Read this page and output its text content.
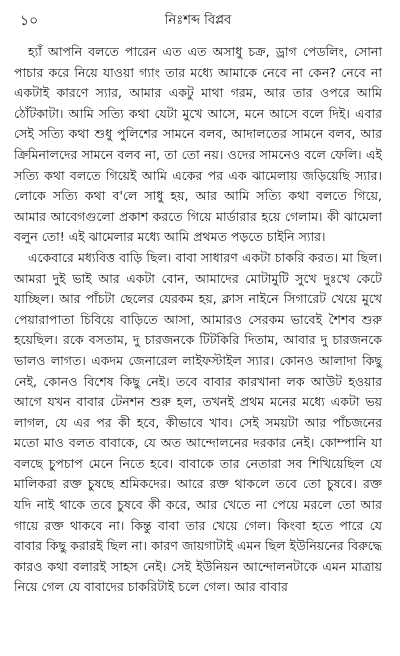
১০	নিঃশব্দ বিপ্লব

হ্যাঁ আপনি বলতে পারেন এত এত অসাধু চক্র, ড্রাগ পেডলিং, সোনা পাচার করে নিয়ে যাওয়া গ্যাং তার মধ্যে আমাকে নেবে না কেন? নেবে না একটাই কারণে স্যার, আমার একটু মাথা গরম, আর তার ওপরে আমি ঠোঁটকাটা। আমি সত্যি কথা যেটা মুখে আসে, মনে আসে বলে দিই। এবার সেই সত্যি কথা শুধু পুলিশের সামনে বলব, আদালতের সামনে বলব, আর ক্রিমিনালদের সামনে বলব না, তা তো নয়। ওদের সামনেও বলে ফেলি। এই সত্যি কথা বলতে গিয়েই আমি একের পর এক ঝামেলায় জড়িয়েছি স্যার। লোকে সত্যি কথা ব'লে সাধু হয়, আর আমি সত্যি কথা বলতে গিয়ে, আমার আবেগগুলো প্রকাশ করতে গিয়ে মার্ডারার হয়ে গেলাম। কী ঝামেলা বলুন তো! এই ঝামেলার মধ্যে আমি প্রথমত পড়তে চাইনি স্যার।

একেবারে মধ্যবিত্ত বাড়ি ছিল। বাবা সাধারণ একটা চাকরি করত। মা ছিল। আমরা দুই ভাই আর একটা বোন, আমাদের মোটামুটি সুখে দুঃখে কেটে যাচ্ছিল। আর পাঁচটা ছেলের যেরকম হয়, ক্লাস নাইনে সিগারেট খেয়ে মুখে পেয়ারাপাতা চিবিয়ে বাড়িতে আসা, আমারও সেরকম ভাবেই শৈশব শুরু হয়েছিল। রকে বসতাম, দু চারজনকে টিটকিরি দিতাম, আবার দু চারজনকে ভালও লাগত। একদম জেনারেল লাইফস্টাইল স্যার। কোনও আলাদা কিছু নেই, কোনও বিশেষ কিছু নেই। তবে বাবার কারখানা লক আউট হওয়ার আগে যখন বাবার টেনশন শুরু হল, তখনই প্রথম মনের মধ্যে একটা ভয় লাগল, যে এর পর কী হবে, কীভাবে খাব। সেই সময়টা আর পাঁচজনের মতো মাও বলত বাবাকে, যে অত আন্দোলনের দরকার নেই। কোম্পানি যা বলছে চুপচাপ মেনে নিতে হবে। বাবাকে তার নেতারা সব শিখিয়েছিল যে মালিকরা রক্ত চুষছে শ্রমিকদের। আরে রক্ত থাকলে তবে তো চুষবে। রক্ত যদি নাই থাকে তবে চুষবে কী করে, আর খেতে না পেয়ে মরলে তো আর গায়ে রক্ত থাকবে না। কিন্তু বাবা তার খেয়ে গেল। কিংবা হতে পারে যে বাবার কিছু করারই ছিল না। কারণ জায়গাটাই এমন ছিল ইউনিয়নের বিরুদ্ধে কারও কথা বলারই সাহস নেই। সেই ইউনিয়ন আন্দোলনটাকে এমন মাত্রায় নিয়ে গেল যে বাবাদের চাকরিটাই চলে গেল। আর বাবার
